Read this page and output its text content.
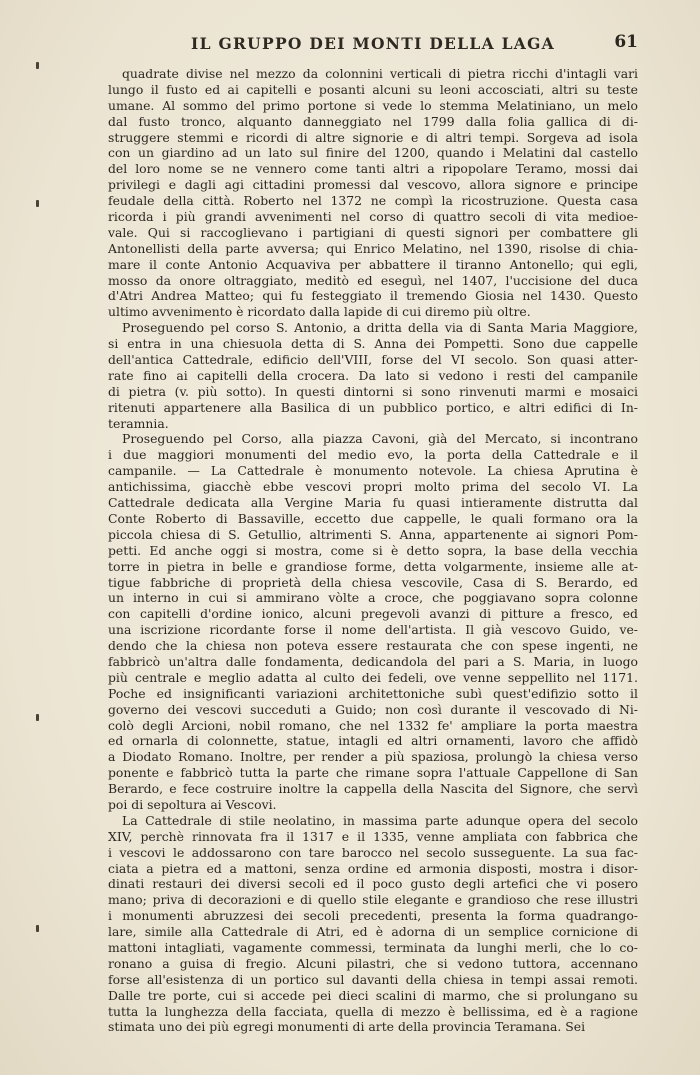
IL GRUPPO DEI MONTI DELLA LAGA	61
quadrate divise nel mezzo da colonnini verticali di pietra ricchi d'intagli vari
lungo il fusto ed ai capitelli e posanti alcuni su leoni accosciati, altri su teste
umane. Al sommo del primo portone si vede lo stemma Melatiniano, un melo
dal fusto tronco, alquanto danneggiato nel 1799 dalla folia gallica di di-
struggere stemmi e ricordi di altre signorie e di altri tempi. Sorgeva ad isola
con un giardino ad un lato sul finire del 1200, quando i Melatini dal castello
del loro nome se ne vennero come tanti altri a ripopolare Teramo, mossi dai
privilegi e dagli agi cittadini promessi dal vescovo, allora signore e principe
feudale della città. Roberto nel 1372 ne compì la ricostruzione. Questa casa
ricorda i più grandi avvenimenti nel corso di quattro secoli di vita medioe-
vale. Qui si raccoglievano i partigiani di questi signori per combattere gli
Antonellisti della parte avversa; qui Enrico Melatino, nel 1390, risolse di chia-
mare il conte Antonio Acquaviva per abbattere il tiranno Antonello; qui egli,
mosso da onore oltraggiato, meditò ed eseguì, nel 1407, l'uccisione del duca
d'Atri Andrea Matteo; qui fu festeggiato il tremendo Giosia nel 1430. Questo
ultimo avvenimento è ricordato dalla lapide di cui diremo più oltre.
Proseguendo pel corso S. Antonio, a dritta della via di Santa Maria Maggiore,
si entra in una chiesuola detta di S. Anna dei Pompetti. Sono due cappelle
dell'antica Cattedrale, edificio dell'VIII, forse del VI secolo. Son quasi atter-
rate fino ai capitelli della crocera. Da lato si vedono i resti del campanile
di pietra (v. più sotto). In questi dintorni si sono rinvenuti marmi e mosaici
ritenuti appartenere alla Basilica di un pubblico portico, e altri edifici di In-
teramnia.
Proseguendo pel Corso, alla piazza Cavoni, già del Mercato, si incontrano
i due maggiori monumenti del medio evo, la porta della Cattedrale e il
campanile. — La Cattedrale è monumento notevole. La chiesa Aprutina è
antichissima, giacchè ebbe vescovi propri molto prima del secolo VI. La
Cattedrale dedicata alla Vergine Maria fu quasi intieramente distrutta dal
Conte Roberto di Bassaville, eccetto due cappelle, le quali formano ora la
piccola chiesa di S. Getullio, altrimenti S. Anna, appartenente ai signori Pom-
petti. Ed anche oggi si mostra, come si è detto sopra, la base della vecchia
torre in pietra in belle e grandiose forme, detta volgarmente, insieme alle at-
tigue fabbriche di proprietà della chiesa vescovile, Casa di S. Berardo, ed
un interno in cui si ammirano vòlte a croce, che poggiavano sopra colonne
con capitelli d'ordine ionico, alcuni pregevoli avanzi di pitture a fresco, ed
una iscrizione ricordante forse il nome dell'artista. Il già vescovo Guido, ve-
dendo che la chiesa non poteva essere restaurata che con spese ingenti, ne
fabbricò un'altra dalle fondamenta, dedicandola del pari a S. Maria, in luogo
più centrale e meglio adatta al culto dei fedeli, ove venne seppellito nel 1171.
Poche ed insignificanti variazioni architettoniche subì quest'edifizio sotto il
governo dei vescovi succeduti a Guido; non così durante il vescovado di Ni-
colò degli Arcioni, nobil romano, che nel 1332 fe' ampliare la porta maestra
ed ornarla di colonnette, statue, intagli ed altri ornamenti, lavoro che affidò
a Diodato Romano. Inoltre, per render a più spaziosa, prolungò la chiesa verso
ponente e fabbricò tutta la parte che rimane sopra l'attuale Cappellone di San
Berardo, e fece costruire inoltre la cappella della Nascita del Signore, che servì
poi di sepoltura ai Vescovi.
La Cattedrale di stile neolatino, in massima parte adunque opera del secolo
XIV, perchè rinnovata fra il 1317 e il 1335, venne ampliata con fabbrica che
i vescovi le addossarono con tare barocco nel secolo susseguente. La sua fac-
ciata a pietra ed a mattoni, senza ordine ed armonia disposti, mostra i disor-
dinati restauri dei diversi secoli ed il poco gusto degli artefici che vi posero
mano; priva di decorazioni e di quello stile elegante e grandioso che rese illustri
i monumenti abruzzesi dei secoli precedenti, presenta la forma quadrango-
lare, simile alla Cattedrale di Atri, ed è adorna di un semplice cornicione di
mattoni intagliati, vagamente commessi, terminata da lunghi merli, che lo co-
ronano a guisa di fregio. Alcuni pilastri, che si vedono tuttora, accennano
forse all'esistenza di un portico sul davanti della chiesa in tempi assai remoti.
Dalle tre porte, cui si accede pei dieci scalini di marmo, che si prolungano su
tutta la lunghezza della facciata, quella di mezzo è bellissima, ed è a ragione
stimata uno dei più egregi monumenti di arte della provincia Teramana. Sei
